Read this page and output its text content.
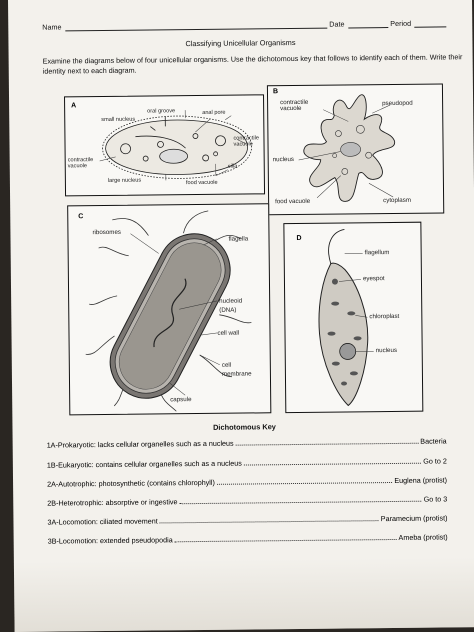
Name	Date	Period
Classifying Unicellular Organisms
Examine the diagrams below of four unicellular organisms. Use the dichotomous key that follows to identify each of them. Write their identity next to each diagram.
A
oral groove
small nucleus
anal pore
contractile vacuole
contractile vacuole	cilia
large nucleus	food vacuole
B
contractile vacuole
pseudopod
nucleus
food vacuole	cytoplasm
C
ribosomes
flagella
nucleoid (DNA)
cell wall
cell membrane
capsule
D
flagellum
eyespot
chloroplast
nucleus
Dichotomous Key
1A-Prokaryotic: lacks cellular organelles such as a nucleus	Bacteria
1B-Eukaryotic: contains cellular organelles such as a nucleus	Go to 2
2A-Autotrophic: photosynthetic (contains chlorophyll)	Euglena (protist)
2B-Heterotrophic: absorptive or ingestive	Go to 3
3A-Locomotion: ciliated movement	Paramecium (protist)
3B-Locomotion: extended pseudopodia	Ameba (protist)
